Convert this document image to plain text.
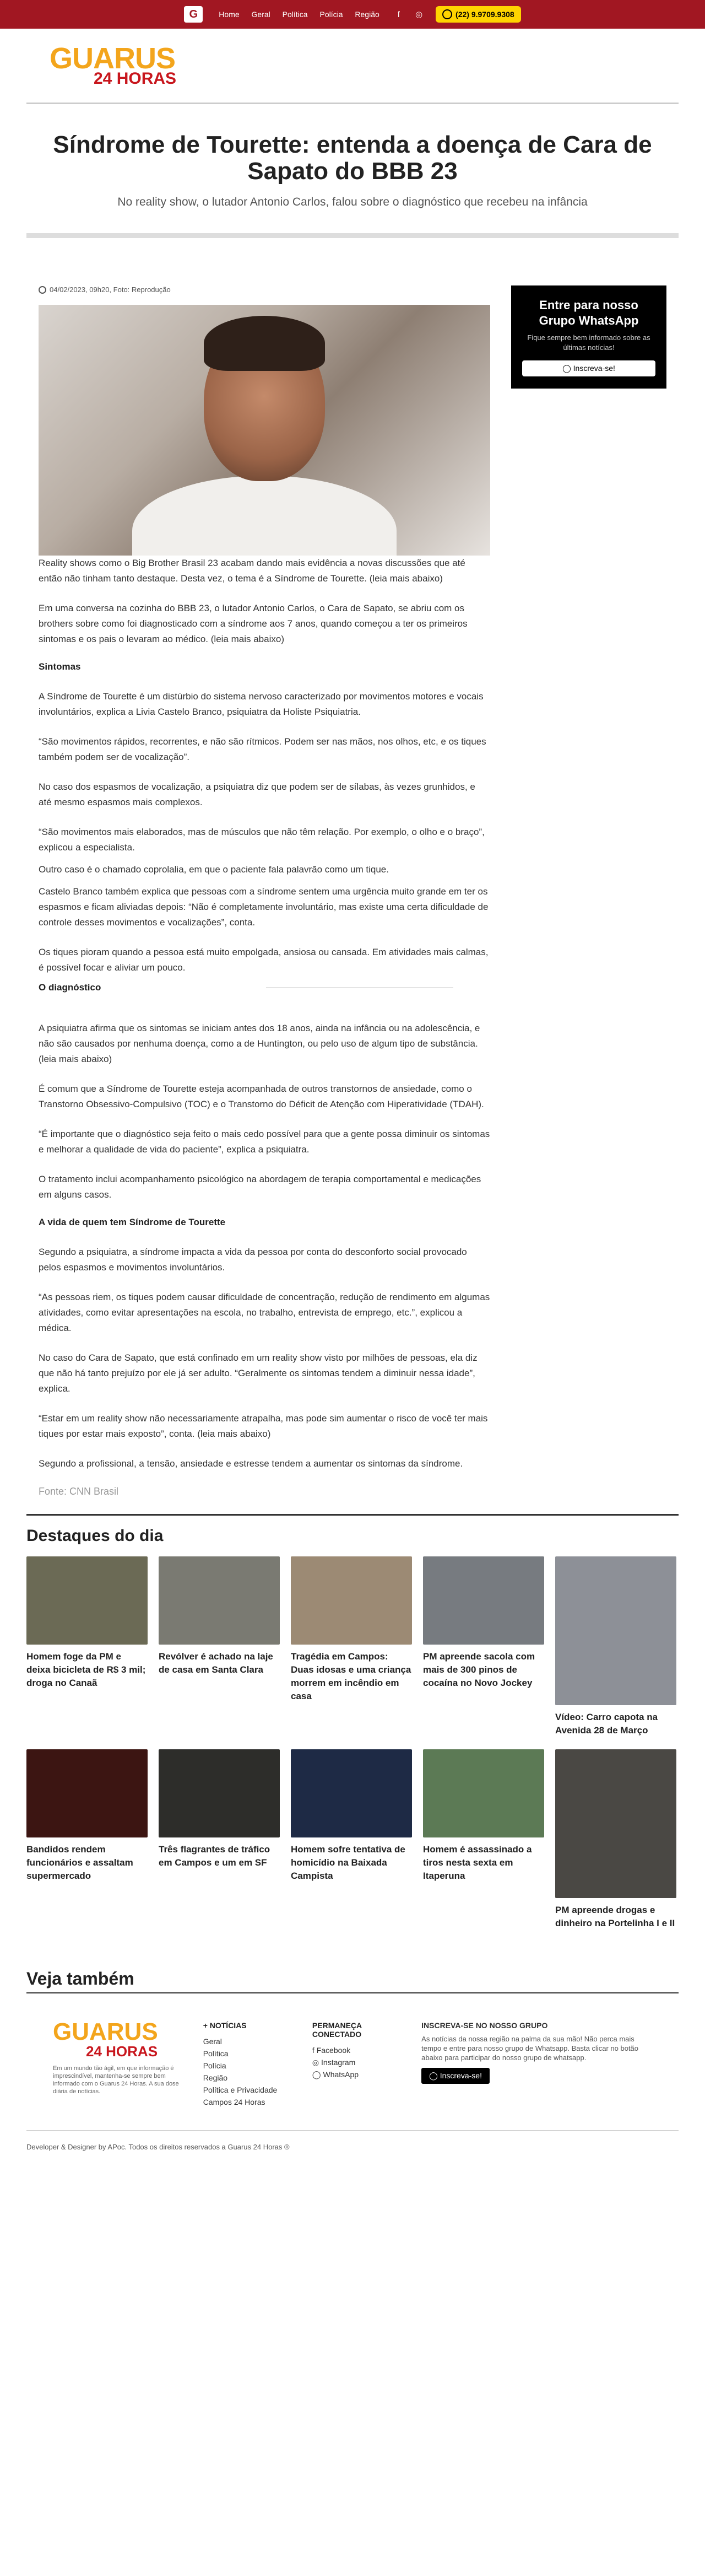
G	Home Geral Política Polícia Região	f ◎	(22) 9.9709.9308
GUARUS
24 HORAS
Síndrome de Tourette: entenda a doença de Cara de Sapato do BBB 23
No reality show, o lutador Antonio Carlos, falou sobre o diagnóstico que recebeu na infância
04/02/2023, 09h20, Foto: Reprodução

Reality shows como o Big Brother Brasil 23 acabam dando mais evidência a novas discussões que até então não tinham tanto destaque. Desta vez, o tema é a Síndrome de Tourette. (leia mais abaixo)

Em uma conversa na cozinha do BBB 23, o lutador Antonio Carlos, o Cara de Sapato, se abriu com os brothers sobre como foi diagnosticado com a síndrome aos 7 anos, quando começou a ter os primeiros sintomas e os pais o levaram ao médico. (leia mais abaixo)

Sintomas

A Síndrome de Tourette é um distúrbio do sistema nervoso caracterizado por movimentos motores e vocais involuntários, explica a Livia Castelo Branco, psiquiatra da Holiste Psiquiatria.

“São movimentos rápidos, recorrentes, e não são rítmicos. Podem ser nas mãos, nos olhos, etc, e os tiques também podem ser de vocalização”.

No caso dos espasmos de vocalização, a psiquiatra diz que podem ser de sílabas, às vezes grunhidos, e até mesmo espasmos mais complexos.

“São movimentos mais elaborados, mas de músculos que não têm relação. Por exemplo, o olho e o braço”, explicou a especialista.

Outro caso é o chamado coprolalia, em que o paciente fala palavrão como um tique.

Castelo Branco também explica que pessoas com a síndrome sentem uma urgência muito grande em ter os espasmos e ficam aliviadas depois: “Não é completamente involuntário, mas existe uma certa dificuldade de controle desses movimentos e vocalizações”, conta.

Os tiques pioram quando a pessoa está muito empolgada, ansiosa ou cansada. Em atividades mais calmas, é possível focar e aliviar um pouco.

O diagnóstico

A psiquiatra afirma que os sintomas se iniciam antes dos 18 anos, ainda na infância ou na adolescência, e não são causados por nenhuma doença, como a de Huntington, ou pelo uso de algum tipo de substância. (leia mais abaixo)

É comum que a Síndrome de Tourette esteja acompanhada de outros transtornos de ansiedade, como o Transtorno Obsessivo-Compulsivo (TOC) e o Transtorno do Déficit de Atenção com Hiperatividade (TDAH).

“É importante que o diagnóstico seja feito o mais cedo possível para que a gente possa diminuir os sintomas e melhorar a qualidade de vida do paciente”, explica a psiquiatra.

O tratamento inclui acompanhamento psicológico na abordagem de terapia comportamental e medicações em alguns casos.

A vida de quem tem Síndrome de Tourette

Segundo a psiquiatra, a síndrome impacta a vida da pessoa por conta do desconforto social provocado pelos espasmos e movimentos involuntários.

“As pessoas riem, os tiques podem causar dificuldade de concentração, redução de rendimento em algumas atividades, como evitar apresentações na escola, no trabalho, entrevista de emprego, etc.”, explicou a médica.

No caso do Cara de Sapato, que está confinado em um reality show visto por milhões de pessoas, ela diz que não há tanto prejuízo por ele já ser adulto. “Geralmente os sintomas tendem a diminuir nessa idade”, explica.

“Estar em um reality show não necessariamente atrapalha, mas pode sim aumentar o risco de você ter mais tiques por estar mais exposto”, conta. (leia mais abaixo)

Segundo a profissional, a tensão, ansiedade e estresse tendem a aumentar os sintomas da síndrome.

Fonte: CNN Brasil
Entre para nosso Grupo WhatsApp
Fique sempre bem informado sobre as últimas notícias!
◯ Inscreva-se!
Destaques do dia
Homem foge da PM e deixa bicicleta de R$ 3 mil; droga no Canaã
Revólver é achado na laje de casa em Santa Clara
Tragédia em Campos: Duas idosas e uma criança morrem em incêndio em casa
PM apreende sacola com mais de 300 pinos de cocaína no Novo Jockey
Vídeo: Carro capota na Avenida 28 de Março
Bandidos rendem funcionários e assaltam supermercado
Três flagrantes de tráfico em Campos e um em SF
Homem sofre tentativa de homicídio na Baixada Campista
Homem é assassinado a tiros nesta sexta em Itaperuna
PM apreende drogas e dinheiro na Portelinha I e II
Veja também
GUARUS
24 HORAS

Em um mundo tão ágil, em que informação é imprescindível, mantenha-se sempre bem informado com o Guarus 24 Horas. A sua dose diária de notícias.

+ NOTÍCIAS
Geral
Política
Polícia
Região
Política e Privacidade
Campos 24 Horas
PERMANEÇA CONECTADO
f Facebook
◎ Instagram
◯ WhatsApp
INSCREVA-SE NO NOSSO GRUPO

As notícias da nossa região na palma da sua mão! Não perca mais tempo e entre para nosso grupo de Whatsapp. Basta clicar no botão abaixo para participar do nosso grupo de whatsapp.

◯ Inscreva-se!
Developer & Designer by APoc. Todos os direitos reservados a Guarus 24 Horas ®
